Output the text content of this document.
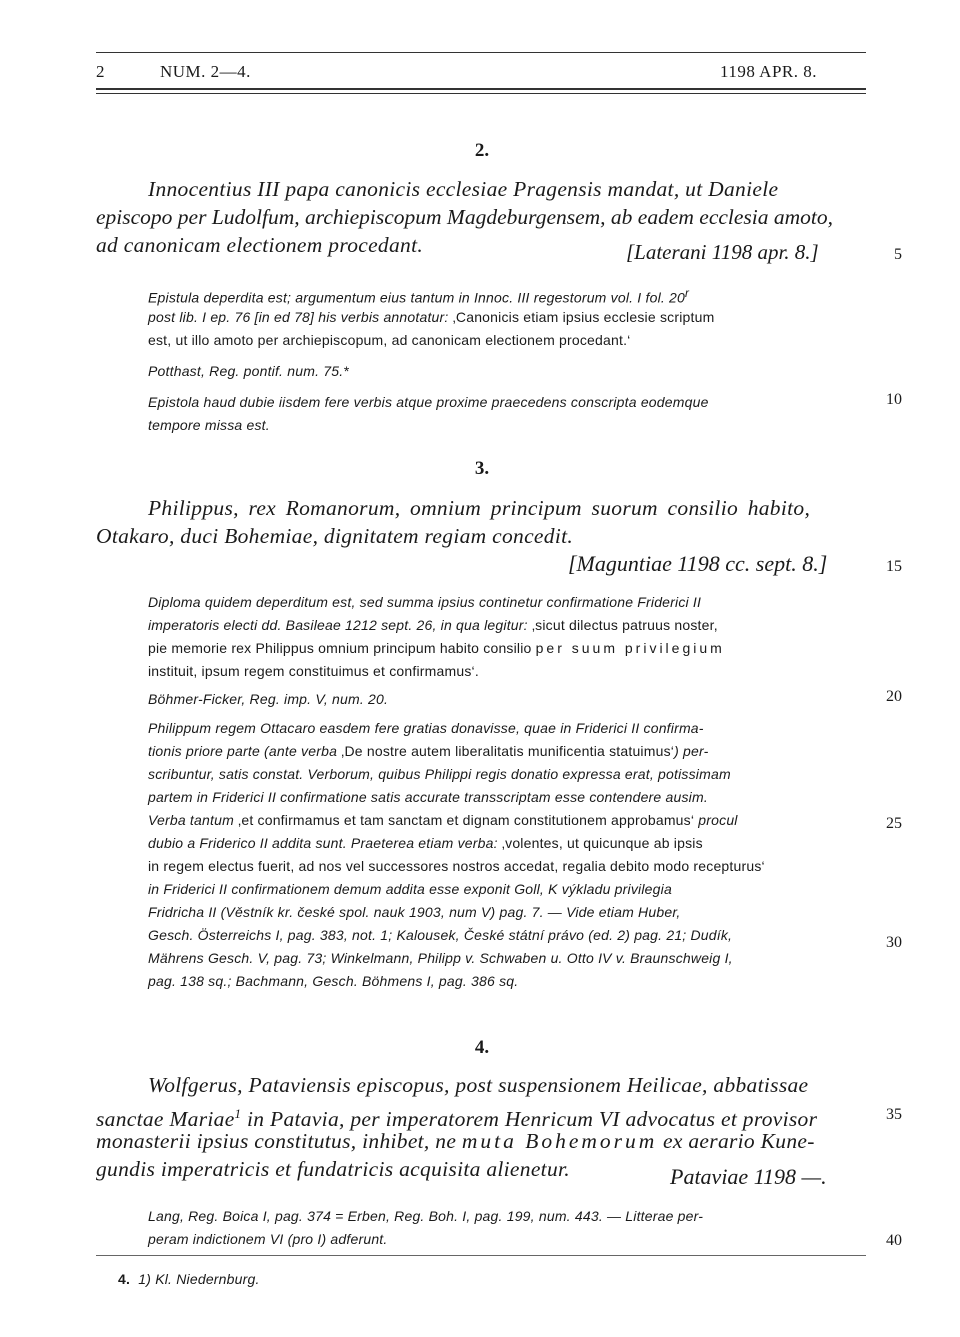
2	NUM. 2—4.	1198 APR. 8.
2.
Innocentius III papa canonicis ecclesiae Pragensis mandat, ut Daniele
episcopo per Ludolfum, archiepiscopum Magdeburgensem, ab eadem ecclesia amoto,
ad canonicam electionem procedant.	[Laterani 1198 apr. 8.]
Epistula deperdita est; argumentum eius tantum in Innoc. III regestorum vol. I fol. 20$^r$
post lib. I ep. 76 [in ed 78] his verbis annotatur: ‚Canonicis etiam ipsius ecclesie scriptum
est, ut illo amoto per archiepiscopum, ad canonicam electionem procedant.‘
Potthast, Reg. pontif. num. 75.*
Epistola haud dubie iisdem fere verbis atque proxime praecedens conscripta eodemque
tempore missa est.
3.
Philippus, rex Romanorum, omnium principum suorum consilio habito,
Otakaro, duci Bohemiae, dignitatem regiam concedit.
[Maguntiae 1198 cc. sept. 8.]
Diploma quidem deperditum est, sed summa ipsius continetur confirmatione Friderici II
imperatoris electi dd. Basileae 1212 sept. 26, in qua legitur: ‚sicut dilectus patruus noster,
pie memorie rex Philippus omnium principum habito consilio per suum privilegium
instituit, ipsum regem constituimus et confirmamus‘.
Böhmer-Ficker, Reg. imp. V, num. 20.
Philippum regem Ottacaro easdem fere gratias donavisse, quae in Friderici II confirma-
tionis priore parte (ante verba ‚De nostre autem liberalitatis munificentia statuimus‘) per-
scribuntur, satis constat. Verborum, quibus Philippi regis donatio expressa erat, potissimam
partem in Friderici II confirmatione satis accurate transscriptam esse contendere ausim.
Verba tantum ‚et confirmamus et tam sanctam et dignam constitutionem approbamus‘ procul
dubio a Friderico II addita sunt. Praeterea etiam verba: ‚volentes, ut quicunque ab ipsis
in regem electus fuerit, ad nos vel successores nostros accedat, regalia debito modo recepturus‘
in Friderici II confirmationem demum addita esse exponit Goll, K výkladu privilegia
Fridricha II (Věstník kr. české spol. nauk 1903, num V) pag. 7. — Vide etiam Huber,
Gesch. Österreichs I, pag. 383, not. 1; Kalousek, České státní právo (ed. 2) pag. 21; Dudík,
Mährens Gesch. V, pag. 73; Winkelmann, Philipp v. Schwaben u. Otto IV v. Braunschweig I,
pag. 138 sq.; Bachmann, Gesch. Böhmens I, pag. 386 sq.
4.
Wolfgerus, Pataviensis episcopus, post suspensionem Heilicae, abbatissae
sanctae Mariae$^1$ in Patavia, per imperatorem Henricum VI advocatus et provisor
monasterii ipsius constitutus, inhibet, ne muta Bohemorum ex aerario Kune-
gundis imperatricis et fundatricis acquisita alienetur.	Pataviae 1198 —.
Lang, Reg. Boica I, pag. 374 = Erben, Reg. Boh. I, pag. 199, num. 443. — Litterae per-
peram indictionem VI (pro I) adferunt.
4. 1) Kl. Niedernburg.
5
10
15
20
25
30
35
40
